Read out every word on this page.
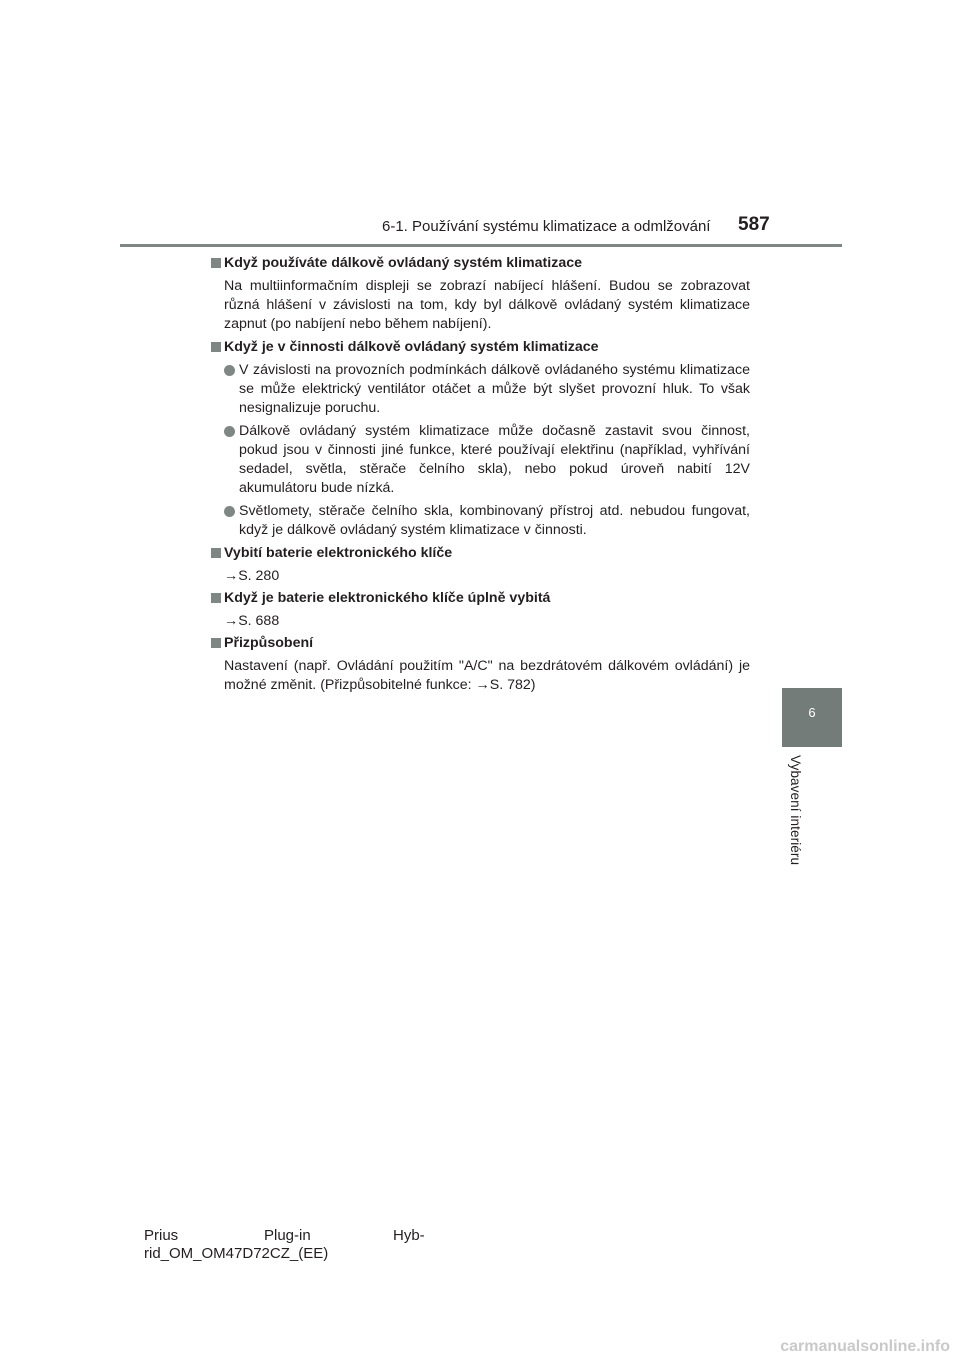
6-1. Používání systému klimatizace a odmlžování 587
6
Vybavení interiéru
Když používáte dálkově ovládaný systém klimatizace

Na multiinformačním displeji se zobrazí nabíjecí hlášení. Budou se zobrazovat různá hlášení v závislosti na tom, kdy byl dálkově ovládaný systém klimatizace zapnut (po nabíjení nebo během nabíjení).

Když je v činnosti dálkově ovládaný systém klimatizace
V závislosti na provozních podmínkách dálkově ovládaného systému klimatizace se může elektrický ventilátor otáčet a může být slyšet provozní hluk. To však nesignalizuje poruchu.
Dálkově ovládaný systém klimatizace může dočasně zastavit svou činnost, pokud jsou v činnosti jiné funkce, které používají elektřinu (například, vyhřívání sedadel, světla, stěrače čelního skla), nebo pokud úroveň nabití 12V akumulátoru bude nízká.
Světlomety, stěrače čelního skla, kombinovaný přístroj atd. nebudou fungovat, když je dálkově ovládaný systém klimatizace v činnosti.
Vybití baterie elektronického klíče
→S. 280
Když je baterie elektronického klíče úplně vybitá
→S. 688
Přizpůsobení

Nastavení (např. Ovládání použitím "A/C" na bezdrátovém dálkovém ovládání) je možné změnit. (Přizpůsobitelné funkce: →S. 782)

Prius	Plug-in	Hyb-
rid_OM_OM47D72CZ_(EE)
carmanualsonline.info
